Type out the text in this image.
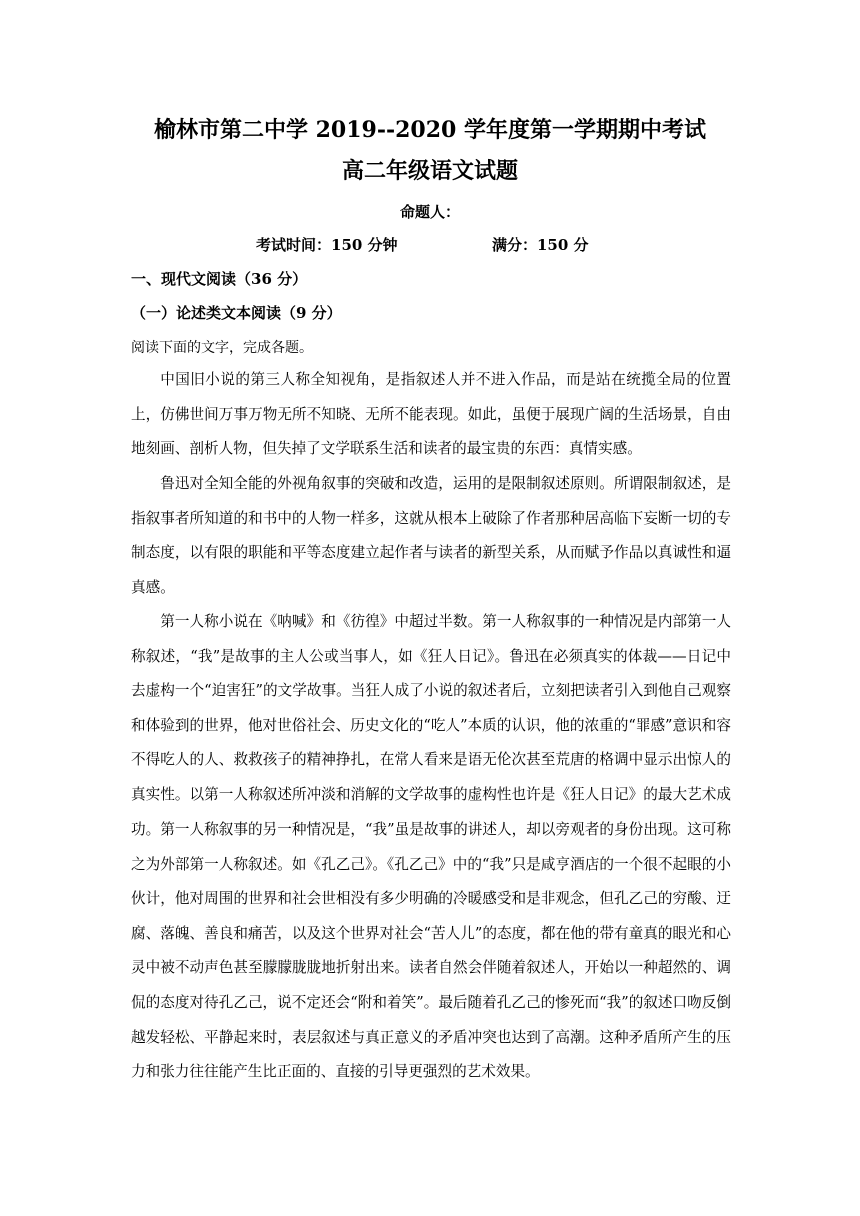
榆林市第二中学 2019--2020 学年度第一学期期中考试
高二年级语文试题
命题人：
考试时间：150 分钟	满分：150 分
一、现代文阅读（36 分）
（一）论述类文本阅读（9 分）
阅读下面的文字，完成各题。

中国旧小说的第三人称全知视角，是指叙述人并不进入作品，而是站在统揽全局的位置上，仿佛世间万事万物无所不知晓、无所不能表现。如此，虽便于展现广阔的生活场景，自由地刻画、剖析人物，但失掉了文学联系生活和读者的最宝贵的东西：真情实感。

鲁迅对全知全能的外视角叙事的突破和改造，运用的是限制叙述原则。所谓限制叙述，是指叙事者所知道的和书中的人物一样多，这就从根本上破除了作者那种居高临下妄断一切的专制态度，以有限的职能和平等态度建立起作者与读者的新型关系，从而赋予作品以真诚性和逼真感。

第一人称小说在《呐喊》和《彷徨》中超过半数。第一人称叙事的一种情况是内部第一人称叙述，“我”是故事的主人公或当事人，如《狂人日记》。鲁迅在必须真实的体裁——日记中去虚构一个“迫害狂”的文学故事。当狂人成了小说的叙述者后，立刻把读者引入到他自己观察和体验到的世界，他对世俗社会、历史文化的“吃人”本质的认识，他的浓重的“罪感”意识和容不得吃人的人、救救孩子的精神挣扎，在常人看来是语无伦次甚至荒唐的格调中显示出惊人的真实性。以第一人称叙述所冲淡和消解的文学故事的虚构性也许是《狂人日记》的最大艺术成功。 第一人称叙事的另一种情况是，“我”虽是故事的讲述人，却以旁观者的身份出现。这可称之为外部第一人称叙述。如《孔乙己》。《孔乙己》中的“我”只是咸亨酒店的一个很不起眼的小伙计，他对周围的世界和社会世相没有多少明确的冷暖感受和是非观念，但孔乙己的穷酸、迂腐、落魄、善良和痛苦，以及这个世界对社会“苦人儿”的态度，都在他的带有童真的眼光和心灵中被不动声色甚至朦朦胧胧地折射出来。读者自然会伴随着叙述人，开始以一种超然的、调侃的态度对待孔乙己，说不定还会“附和着笑”。最后随着孔乙己的惨死而“我”的叙述口吻反倒越发轻松、平静起来时，表层叙述与真正意义的矛盾冲突也达到了高潮。这种矛盾所产生的压力和张力往往能产生比正面的、直接的引导更强烈的艺术效果。
